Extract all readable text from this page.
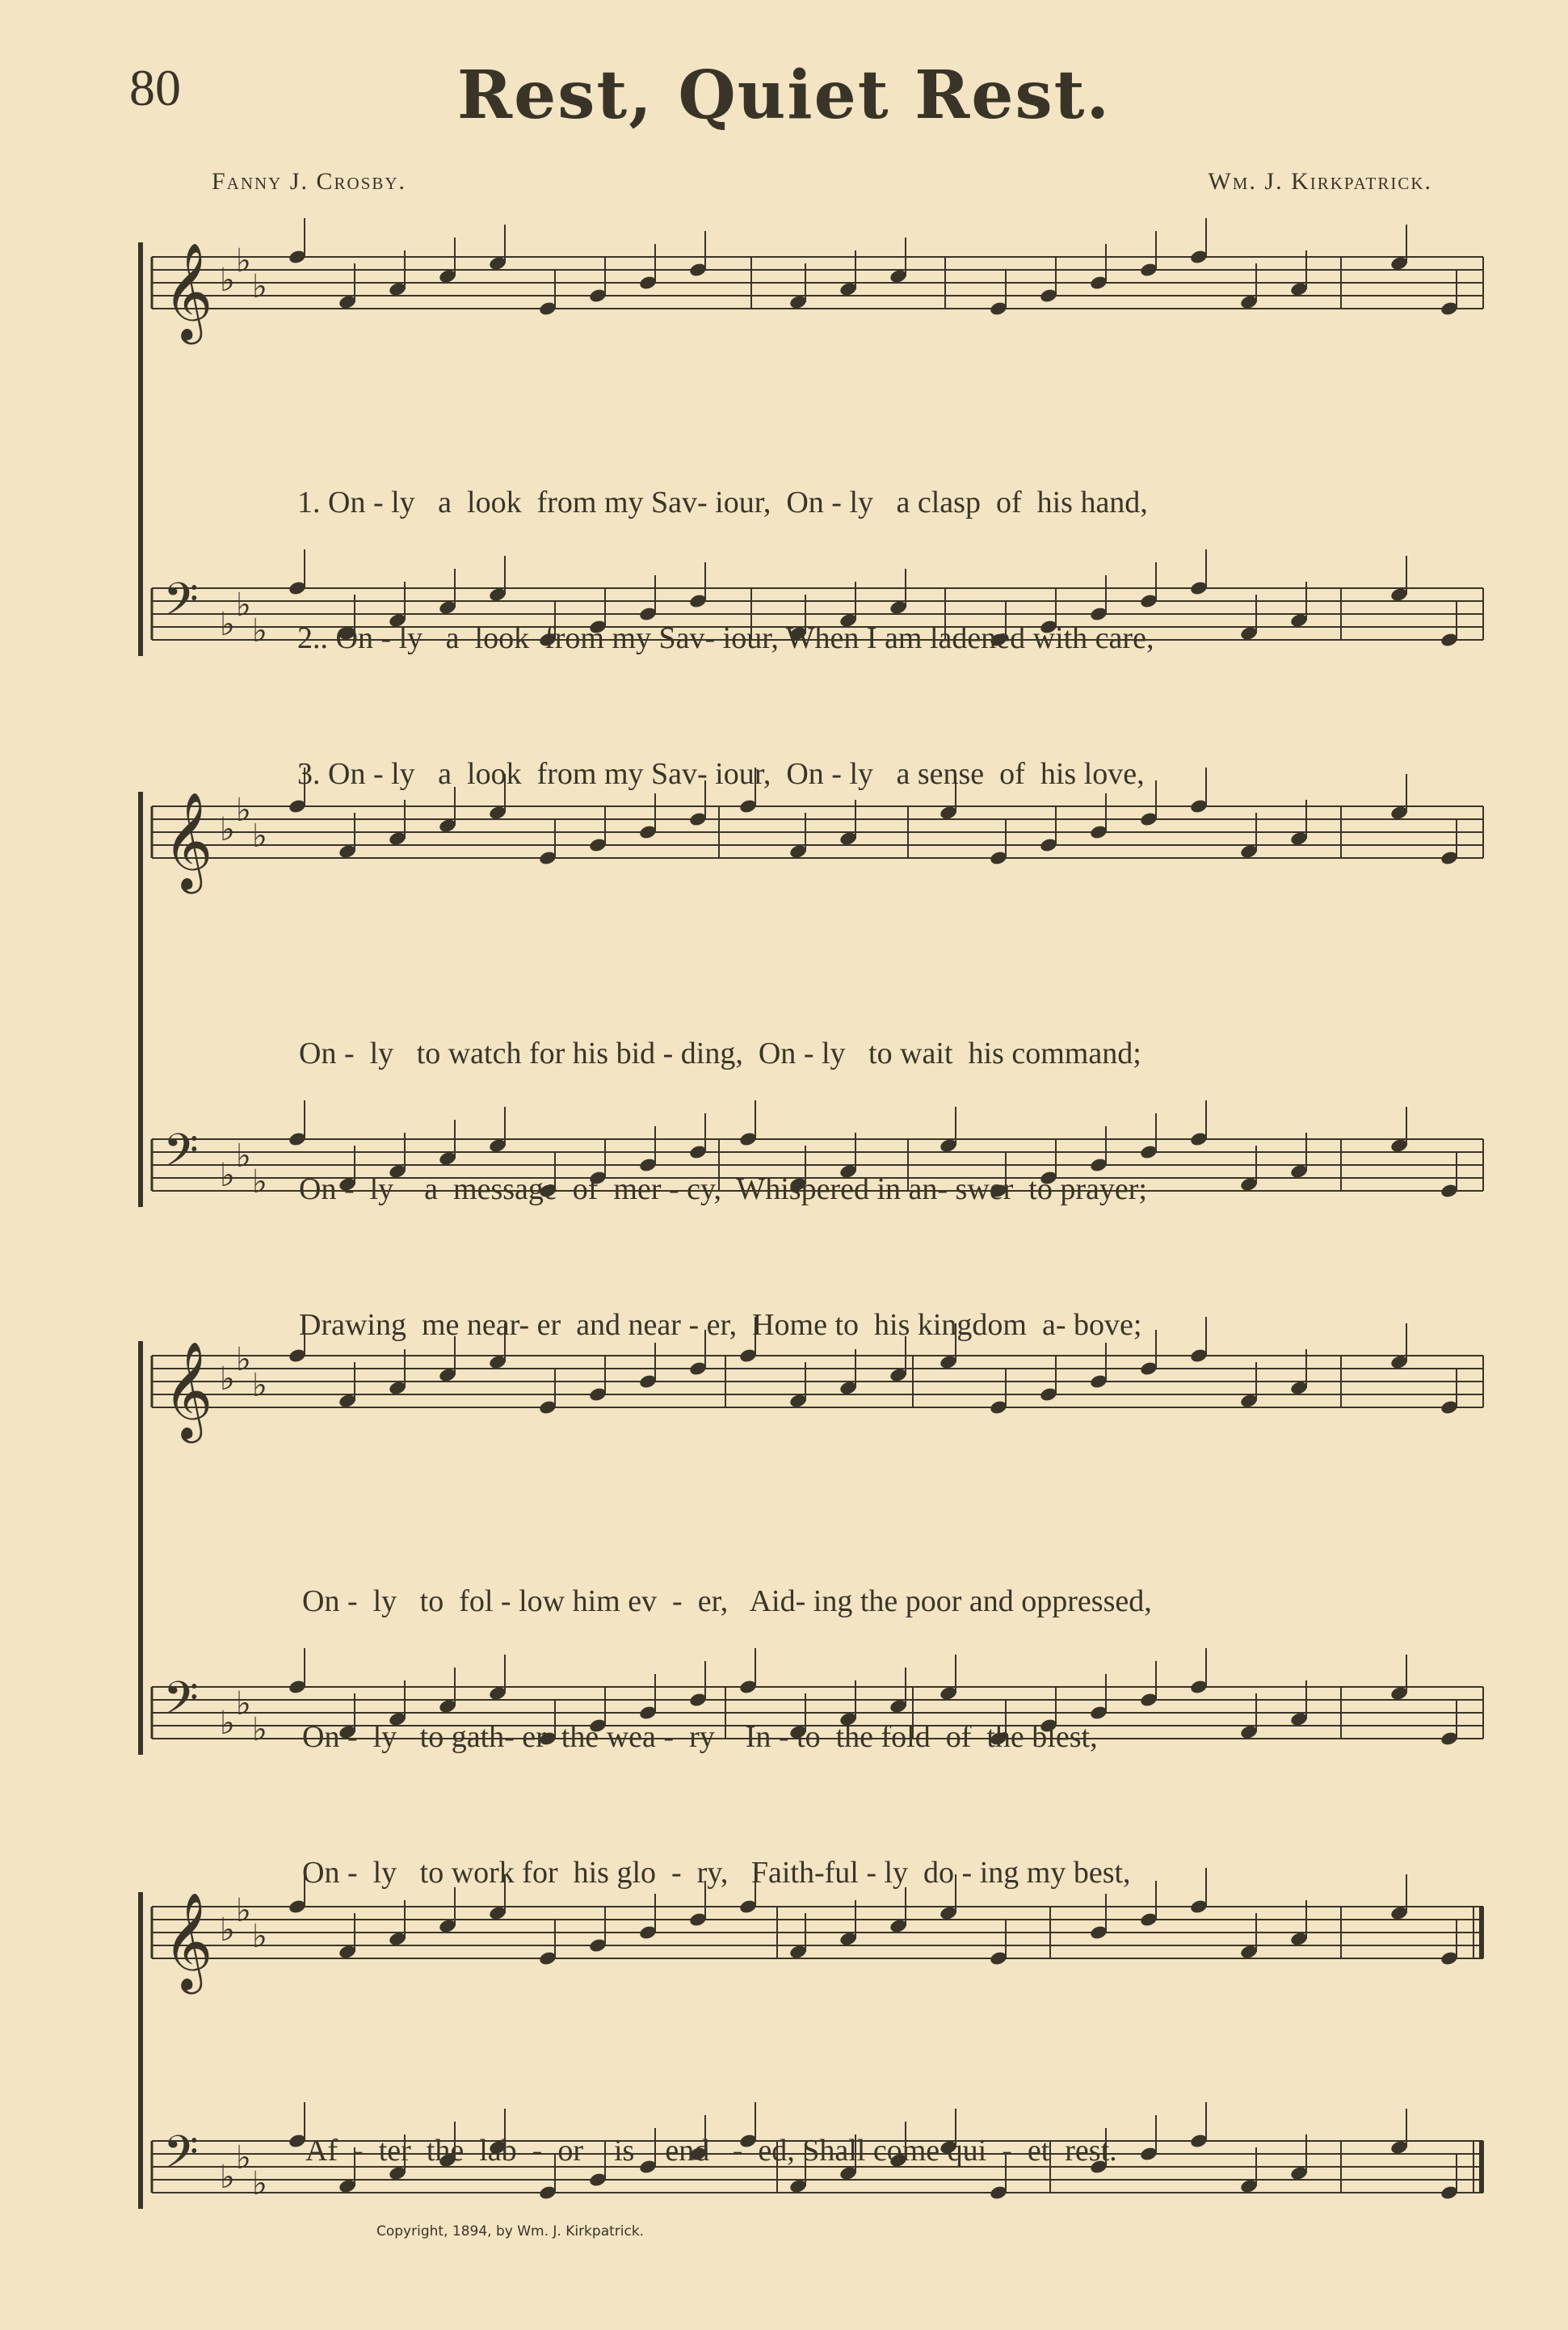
𝄞 ♭
♭
♭
𝄢 ♭
♭
♭
𝄞 ♭
♭
♭
𝄢 ♭
♭
♭
𝄞 ♭
♭
♭
𝄢 ♭
♭
♭
𝄞 ♭
♭
♭
𝄢 ♭
♭
♭
80	Rest, Quiet Rest.
Fanny J. Crosby.	Wm. J. Kirkpatrick.

1. On - ly   a  look  from my Sav- iour,  On - ly   a clasp  of  his hand,

2.. On - ly   a  look  from my Sav- iour, When I am ladened with care,

3. On - ly   a  look  from my Sav- iour,  On - ly   a sense  of  his love,

On -  ly   to watch for his bid - ding,  On - ly   to wait  his command;

On -  ly    a  message  of  mer - cy,  Whispered in an- swer  to prayer;

Drawing  me near- er  and near - er,  Home to  his kingdom  a- bove;

On -  ly   to  fol - low him ev  -  er,   Aid- ing the poor and oppressed,

On -  ly   to gath- er  the wea -  ry    In - to  the fold  of  the blest,

On -  ly   to work for  his glo  -  ry,   Faith-ful - ly  do - ing my best,

Af  -  ter  the  lab  -  or    is    end   -  ed, Shall come qui  -  et  rest.

Copyright, 1894, by Wm. J. Kirkpatrick.
